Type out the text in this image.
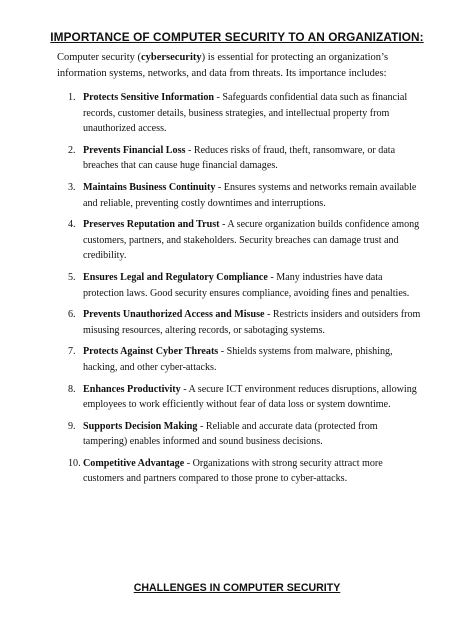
IMPORTANCE OF COMPUTER SECURITY TO AN ORGANIZATION:

Computer security (cybersecurity) is essential for protecting an organization’s information systems, networks, and data from threats. Its importance includes:

1. Protects Sensitive Information - Safeguards confidential data such as financial records, customer details, business strategies, and intellectual property from unauthorized access.
2. Prevents Financial Loss - Reduces risks of fraud, theft, ransomware, or data breaches that can cause huge financial damages.
3. Maintains Business Continuity - Ensures systems and networks remain available and reliable, preventing costly downtimes and interruptions.
4. Preserves Reputation and Trust - A secure organization builds confidence among customers, partners, and stakeholders. Security breaches can damage trust and credibility.
5. Ensures Legal and Regulatory Compliance - Many industries have data protection laws. Good security ensures compliance, avoiding fines and penalties.
6. Prevents Unauthorized Access and Misuse - Restricts insiders and outsiders from misusing resources, altering records, or sabotaging systems.
7. Protects Against Cyber Threats - Shields systems from malware, phishing, hacking, and other cyber-attacks.
8. Enhances Productivity - A secure ICT environment reduces disruptions, allowing employees to work efficiently without fear of data loss or system downtime.
9. Supports Decision Making - Reliable and accurate data (protected from tampering) enables informed and sound business decisions.
10. Competitive Advantage - Organizations with strong security attract more customers and partners compared to those prone to cyber-attacks.
CHALLENGES IN COMPUTER SECURITY
